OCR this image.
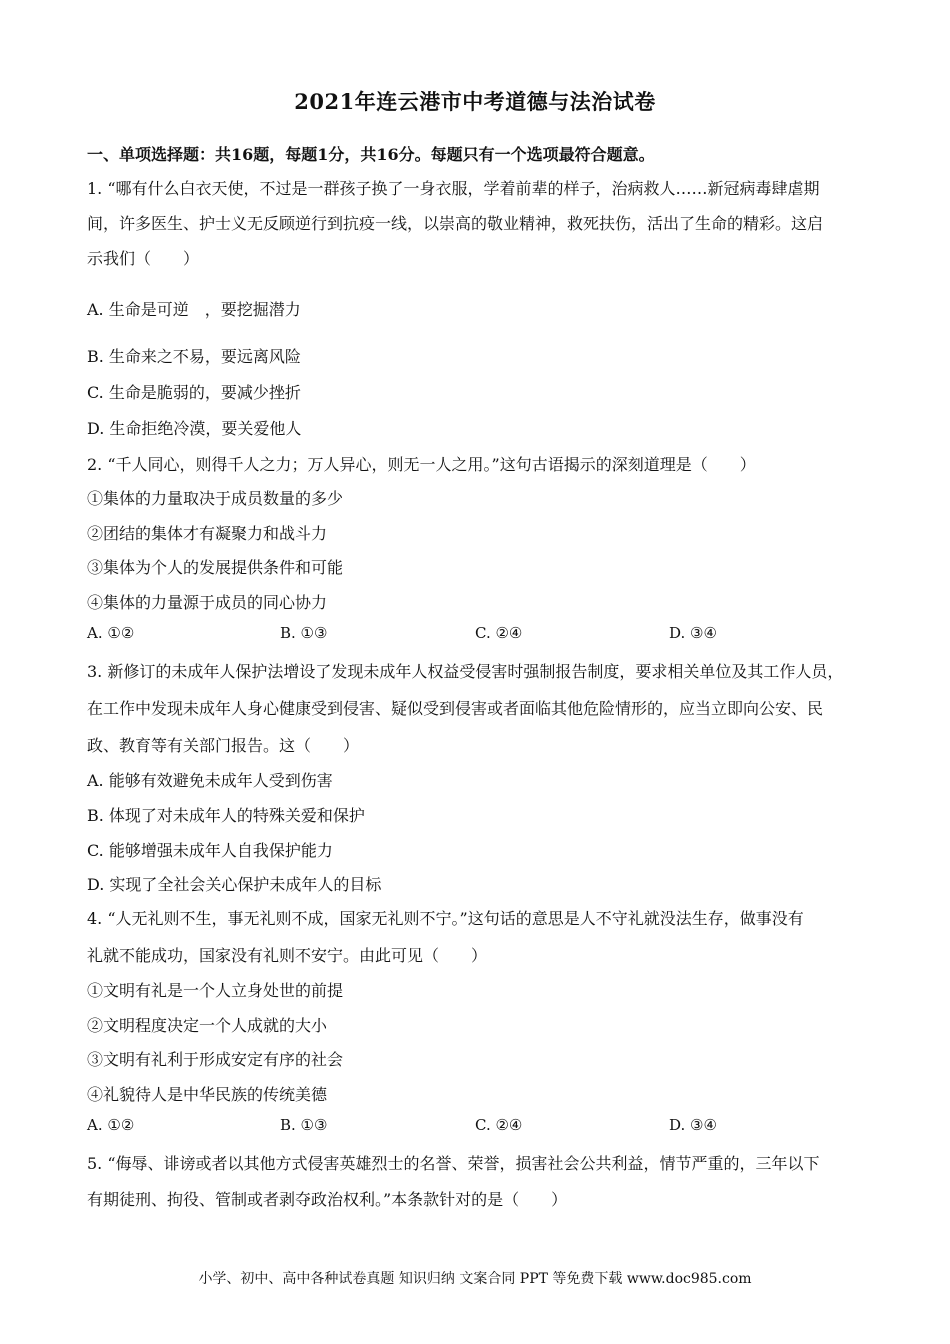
2021年连云港市中考道德与法治试卷
一、单项选择题：共16题，每题1分，共16分。每题只有一个选项最符合题意。
1. “哪有什么白衣天使，不过是一群孩子换了一身衣服，学着前辈的样子，治病救人……新冠病毒肆虐期
间，许多医生、护士义无反顾逆行到抗疫一线，以崇高的敬业精神，救死扶伤，活出了生命的精彩。这启
示我们（　　）
A. 生命是可逆　，要挖掘潜力
B. 生命来之不易，要远离风险
C. 生命是脆弱的，要减少挫折
D. 生命拒绝冷漠，要关爱他人
2. “千人同心，则得千人之力；万人异心，则无一人之用。”这句古语揭示的深刻道理是（　　）
①集体的力量取决于成员数量的多少
②团结的集体才有凝聚力和战斗力
③集体为个人的发展提供条件和可能
④集体的力量源于成员的同心协力
A. ①②	B. ①③	C. ②④	D. ③④
3. 新修订的未成年人保护法增设了发现未成年人权益受侵害时强制报告制度，要求相关单位及其工作人员，
在工作中发现未成年人身心健康受到侵害、疑似受到侵害或者面临其他危险情形的，应当立即向公安、民
政、教育等有关部门报告。这（　　）
A. 能够有效避免未成年人受到伤害
B. 体现了对未成年人的特殊关爱和保护
C. 能够增强未成年人自我保护能力
D. 实现了全社会关心保护未成年人的目标
4. “人无礼则不生，事无礼则不成，国家无礼则不宁。”这句话的意思是人不守礼就没法生存，做事没有
礼就不能成功，国家没有礼则不安宁。由此可见（　　）
①文明有礼是一个人立身处世的前提
②文明程度决定一个人成就的大小
③文明有礼利于形成安定有序的社会
④礼貌待人是中华民族的传统美德
A. ①②	B. ①③	C. ②④	D. ③④
5. “侮辱、诽谤或者以其他方式侵害英雄烈士的名誉、荣誉，损害社会公共利益，情节严重的，三年以下
有期徒刑、拘役、管制或者剥夺政治权利。”本条款针对的是（　　）
小学、初中、高中各种试卷真题 知识归纳 文案合同 PPT 等免费下载 www.doc985.com
